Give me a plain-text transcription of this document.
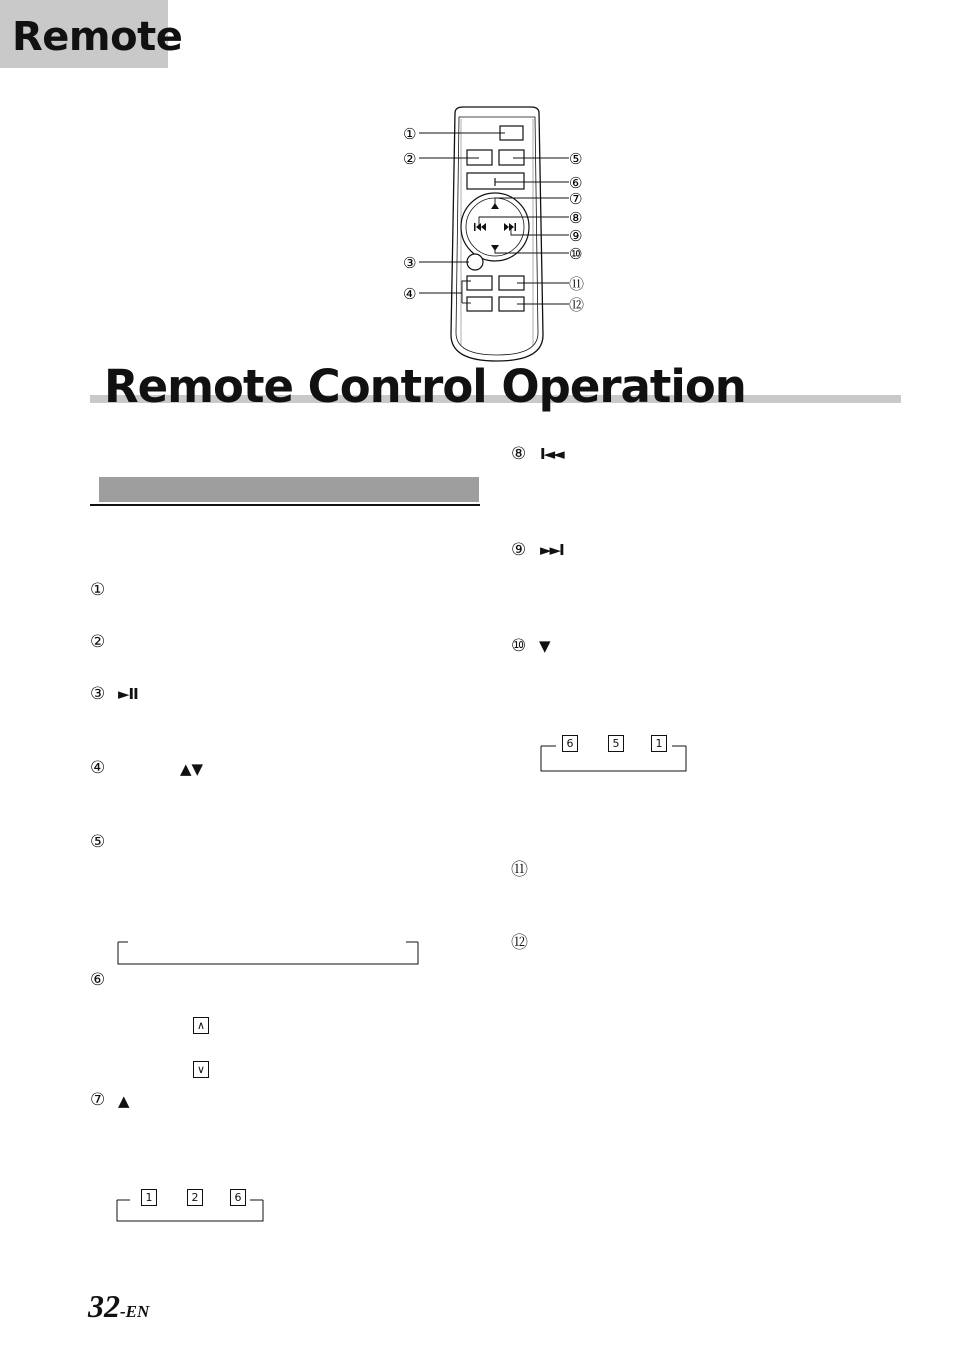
Remote
I
①
②
③
④
⑤
⑥
⑦
⑧
⑨
⑩
⑪
⑫
Remote Control Operation
①
②
③ ►II
④	▲▼
⑤
⑥
∧
∨
⑦ ▲
1	2	6
⑧ I◄◄
⑨ ►►I
⑩ ▼
6	5	1
⑪
⑫
32-EN
